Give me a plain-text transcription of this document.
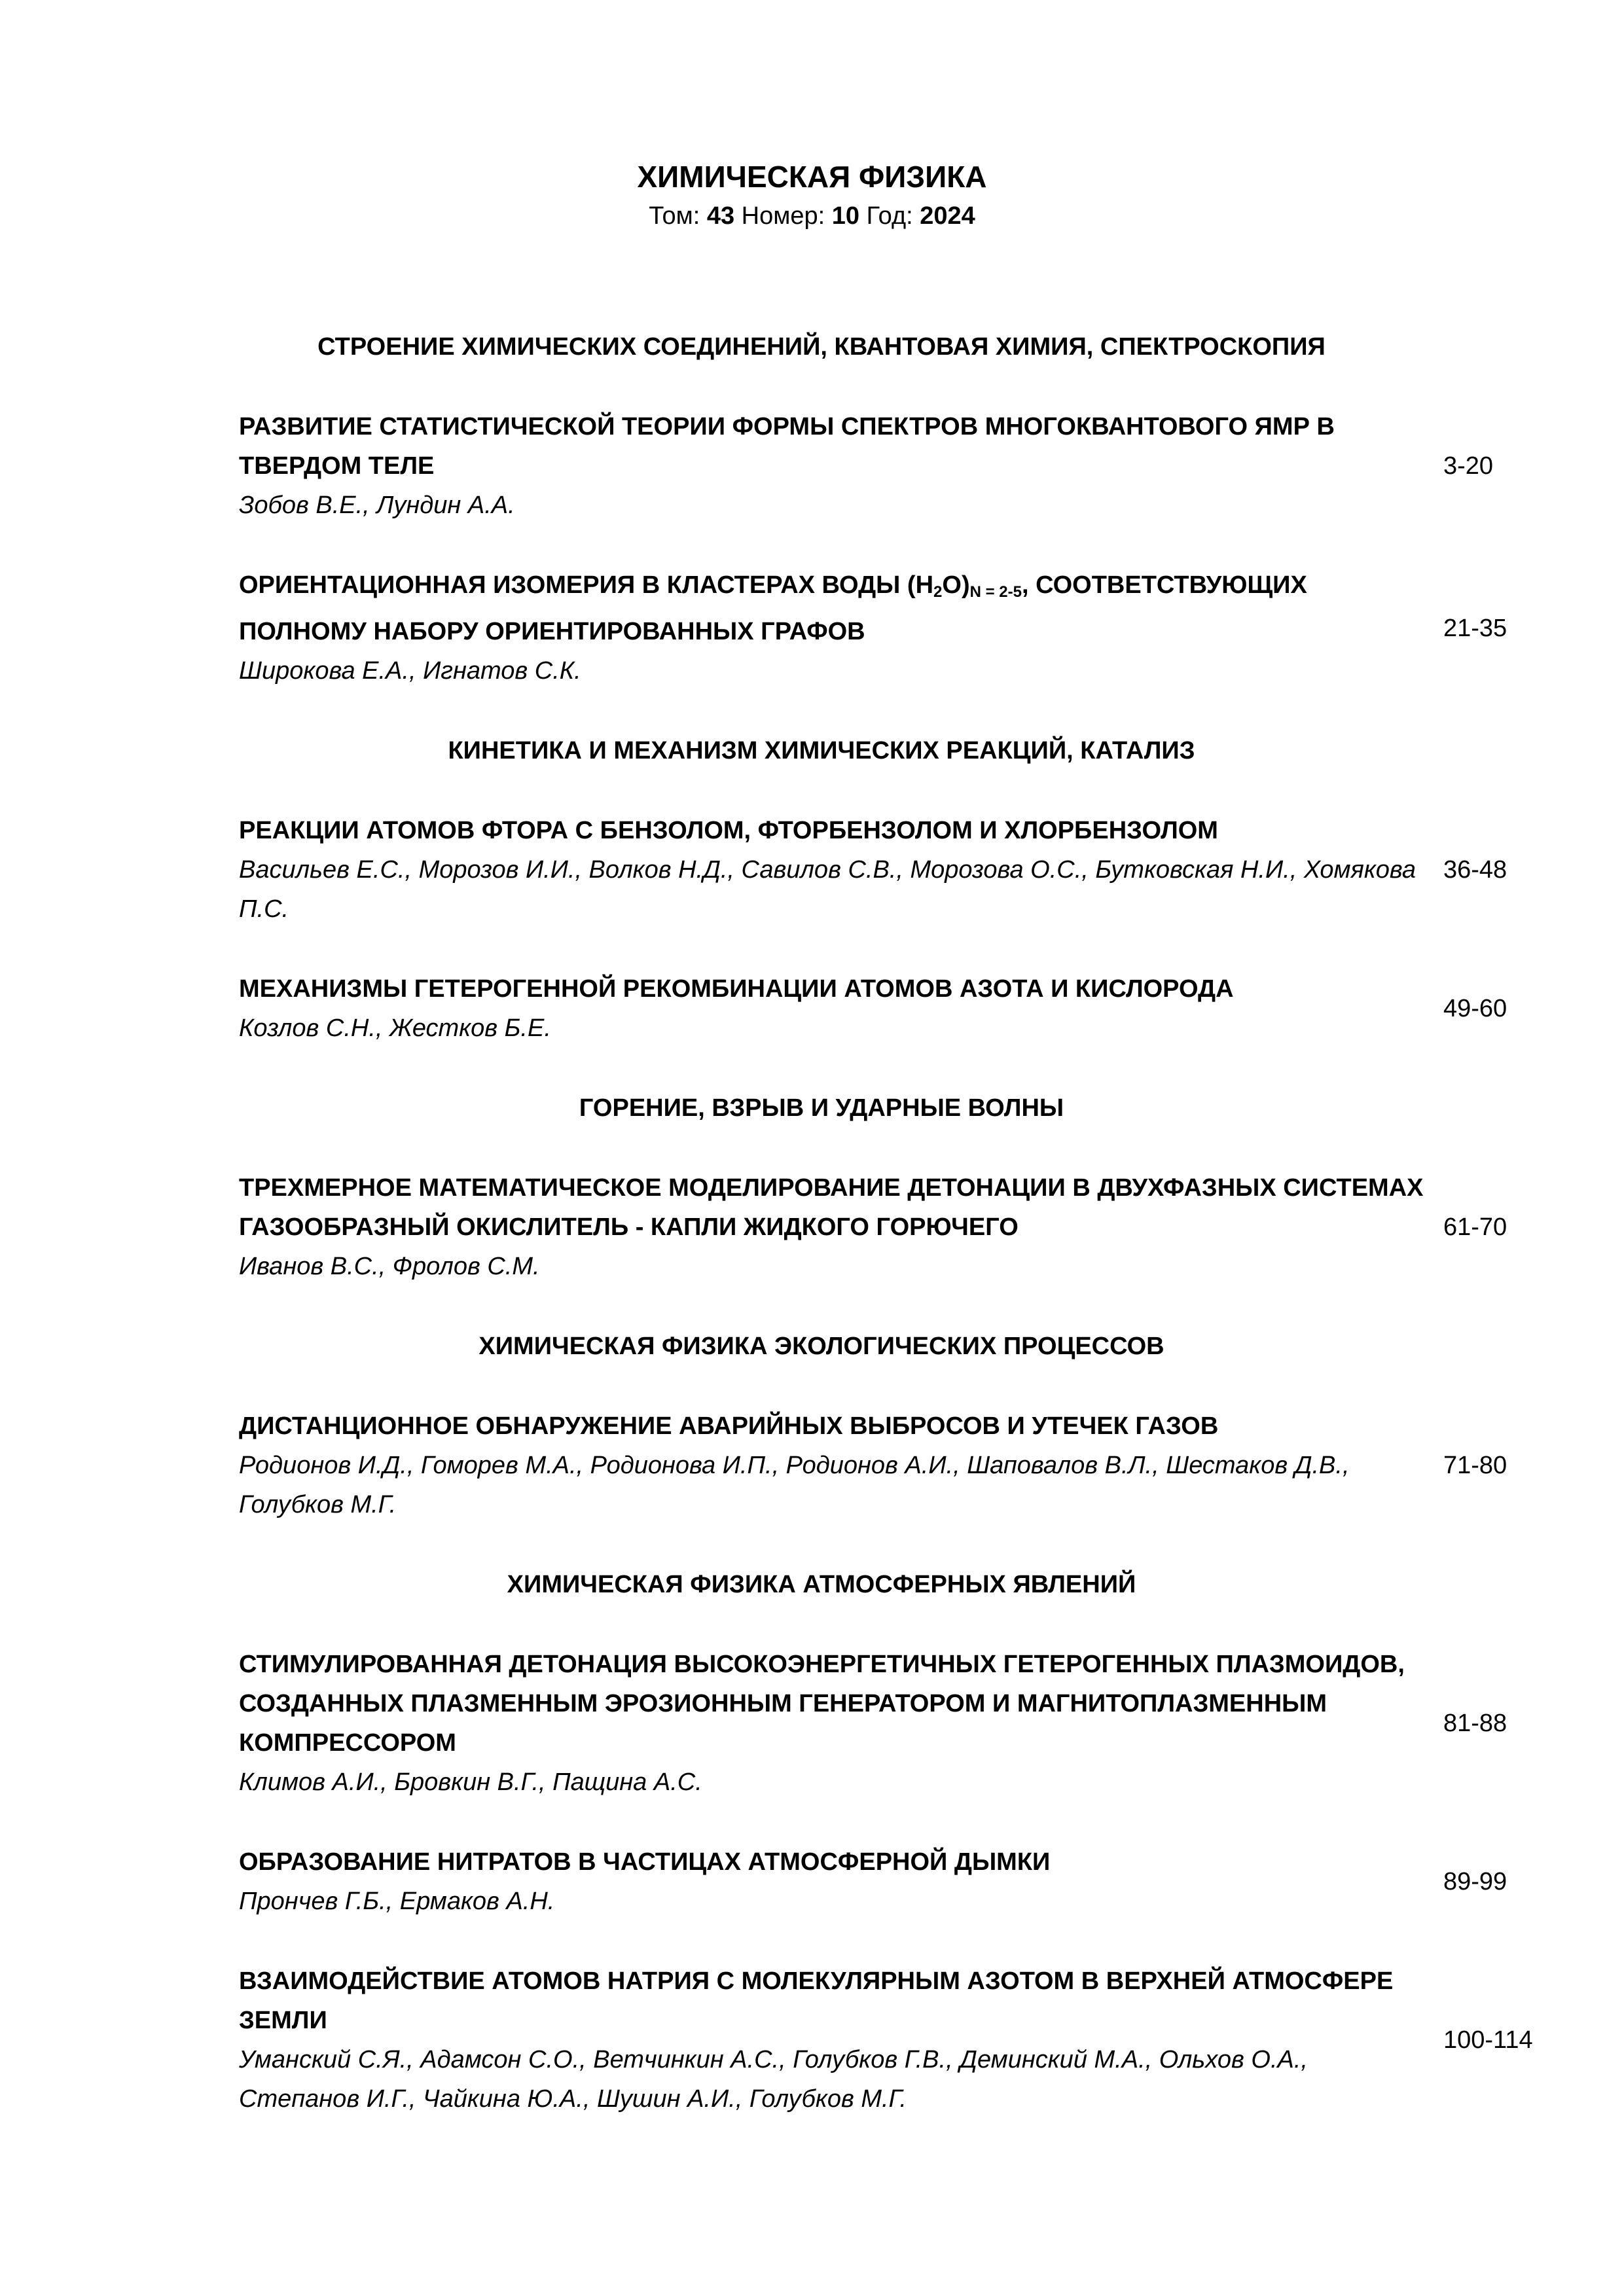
ХИМИЧЕСКАЯ ФИЗИКА
Том: 43 Номер: 10 Год: 2024
СТРОЕНИЕ ХИМИЧЕСКИХ СОЕДИНЕНИЙ, КВАНТОВАЯ ХИМИЯ, СПЕКТРОСКОПИЯ
РАЗВИТИЕ СТАТИСТИЧЕСКОЙ ТЕОРИИ ФОРМЫ СПЕКТРОВ МНОГОКВАНТОВОГО ЯМР В ТВЕРДОМ ТЕЛЕ
Зобов В.Е., Лундин А.А.
3-20
ОРИЕНТАЦИОННАЯ ИЗОМЕРИЯ В КЛАСТЕРАХ ВОДЫ $(H_2O)_{N = 2-5}$, СООТВЕТСТВУЮЩИХ ПОЛНОМУ НАБОРУ ОРИЕНТИРОВАННЫХ ГРАФОВ
Широкова Е.А., Игнатов С.К.
21-35
КИНЕТИКА И МЕХАНИЗМ ХИМИЧЕСКИХ РЕАКЦИЙ, КАТАЛИЗ
РЕАКЦИИ АТОМОВ ФТОРА С БЕНЗОЛОМ, ФТОРБЕНЗОЛОМ И ХЛОРБЕНЗОЛОМ
Васильев Е.С., Морозов И.И., Волков Н.Д., Савилов С.В., Морозова О.С., Бутковская Н.И., Хомякова П.С.
36-48
МЕХАНИЗМЫ ГЕТЕРОГЕННОЙ РЕКОМБИНАЦИИ АТОМОВ АЗОТА И КИСЛОРОДА
Козлов С.Н., Жестков Б.Е.
49-60
ГОРЕНИЕ, ВЗРЫВ И УДАРНЫЕ ВОЛНЫ
ТРЕХМЕРНОЕ МАТЕМАТИЧЕСКОЕ МОДЕЛИРОВАНИЕ ДЕТОНАЦИИ В ДВУХФАЗНЫХ СИСТЕМАХ ГАЗООБРАЗНЫЙ ОКИСЛИТЕЛЬ - КАПЛИ ЖИДКОГО ГОРЮЧЕГО
Иванов В.С., Фролов С.М.
61-70
ХИМИЧЕСКАЯ ФИЗИКА ЭКОЛОГИЧЕСКИХ ПРОЦЕССОВ
ДИСТАНЦИОННОЕ ОБНАРУЖЕНИЕ АВАРИЙНЫХ ВЫБРОСОВ И УТЕЧЕК ГАЗОВ
Родионов И.Д., Гоморев М.А., Родионова И.П., Родионов А.И., Шаповалов В.Л., Шестаков Д.В., Голубков М.Г.
71-80
ХИМИЧЕСКАЯ ФИЗИКА АТМОСФЕРНЫХ ЯВЛЕНИЙ
СТИМУЛИРОВАННАЯ ДЕТОНАЦИЯ ВЫСОКОЭНЕРГЕТИЧНЫХ ГЕТЕРОГЕННЫХ ПЛАЗМОИДОВ, СОЗДАННЫХ ПЛАЗМЕННЫМ ЭРОЗИОННЫМ ГЕНЕРАТОРОМ И МАГНИТОПЛАЗМЕННЫМ КОМПРЕССОРОМ
Климов А.И., Бровкин В.Г., Пащина А.С.
81-88
ОБРАЗОВАНИЕ НИТРАТОВ В ЧАСТИЦАХ АТМОСФЕРНОЙ ДЫМКИ
Прончев Г.Б., Ермаков А.Н.
89-99
ВЗАИМОДЕЙСТВИЕ АТОМОВ НАТРИЯ С МОЛЕКУЛЯРНЫМ АЗОТОМ В ВЕРХНЕЙ АТМОСФЕРЕ ЗЕМЛИ
Уманский С.Я., Адамсон С.О., Ветчинкин А.С., Голубков Г.В., Деминский М.А., Ольхов О.А., Степанов И.Г., Чайкина Ю.А., Шушин А.И., Голубков М.Г.
100-114
